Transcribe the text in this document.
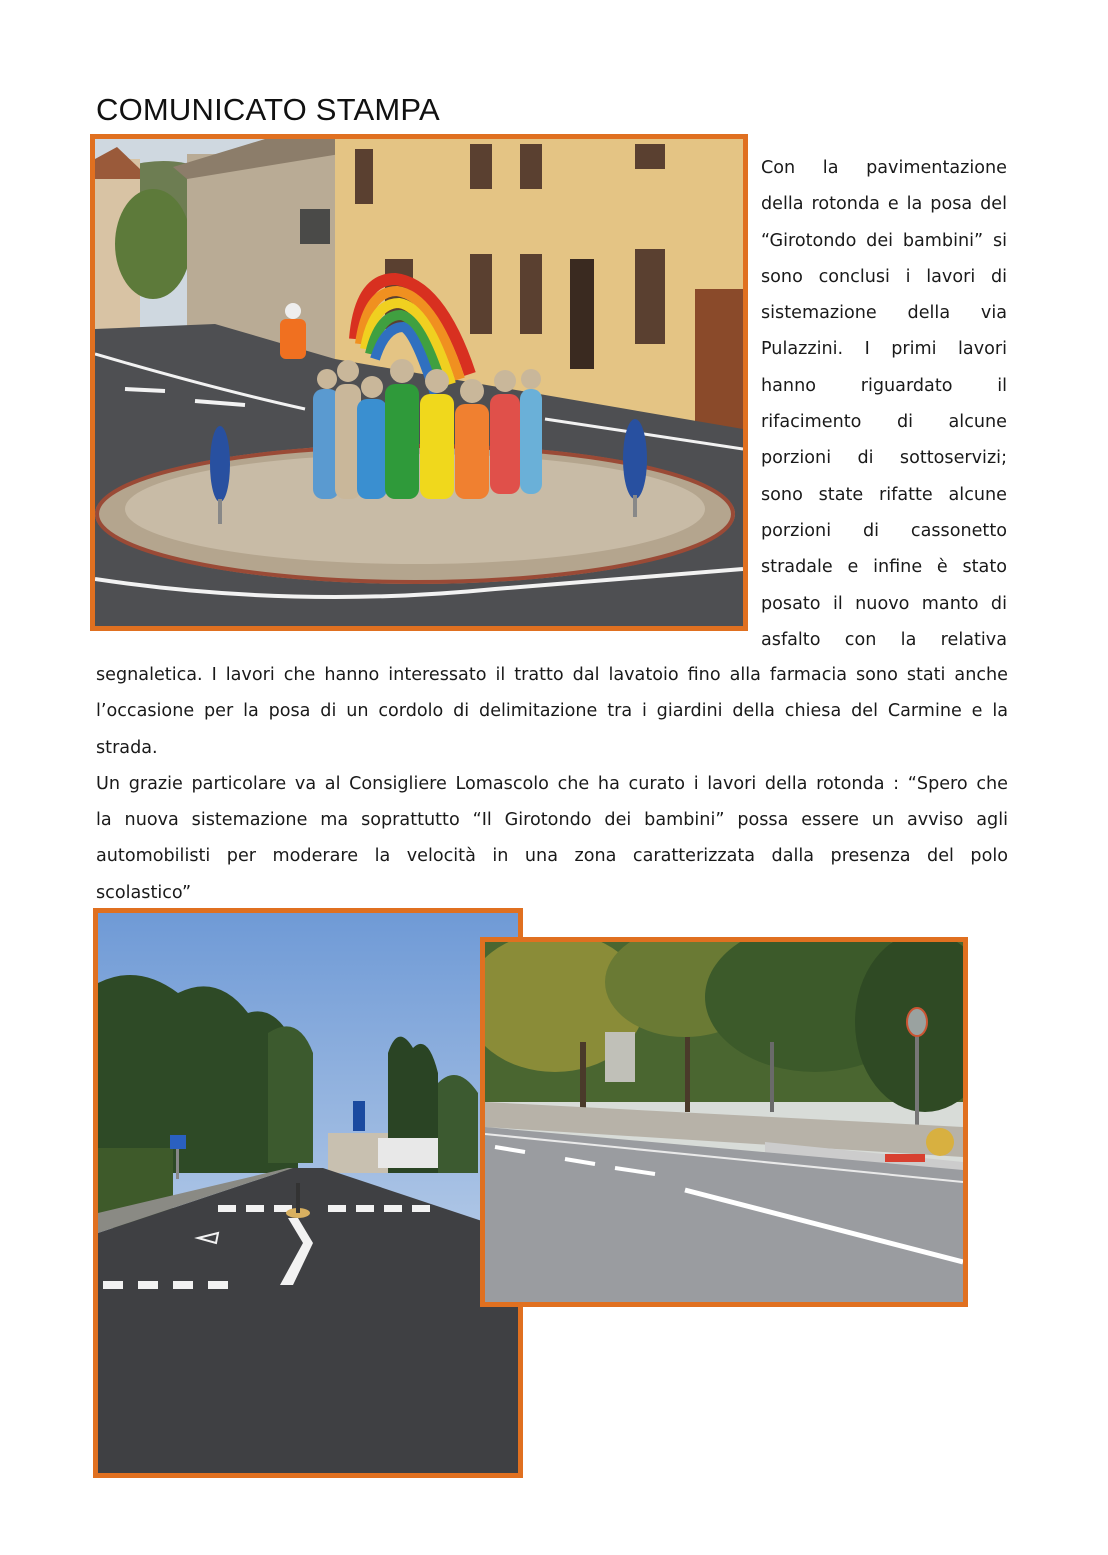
COMUNICATO STAMPA
Con la pavimentazione
della rotonda e la posa del
“Girotondo dei bambini” si
sono conclusi i lavori di
sistemazione della via
Pulazzini. I primi lavori
hanno riguardato il
rifacimento di alcune
porzioni di sottoservizi;
sono state rifatte alcune
porzioni di cassonetto
stradale e infine è stato
posato il nuovo manto di
asfalto con la relativa
segnaletica. I lavori che hanno interessato il tratto dal lavatoio fino alla farmacia sono stati anche
l’occasione per la posa di un cordolo di delimitazione tra i giardini della chiesa del Carmine e la
strada.
Un grazie particolare va al Consigliere Lomascolo che ha curato i lavori della rotonda : “Spero che
la nuova sistemazione ma soprattutto “Il Girotondo dei bambini” possa essere un avviso agli
automobilisti per moderare la velocità in una zona caratterizzata dalla presenza del polo
scolastico”
